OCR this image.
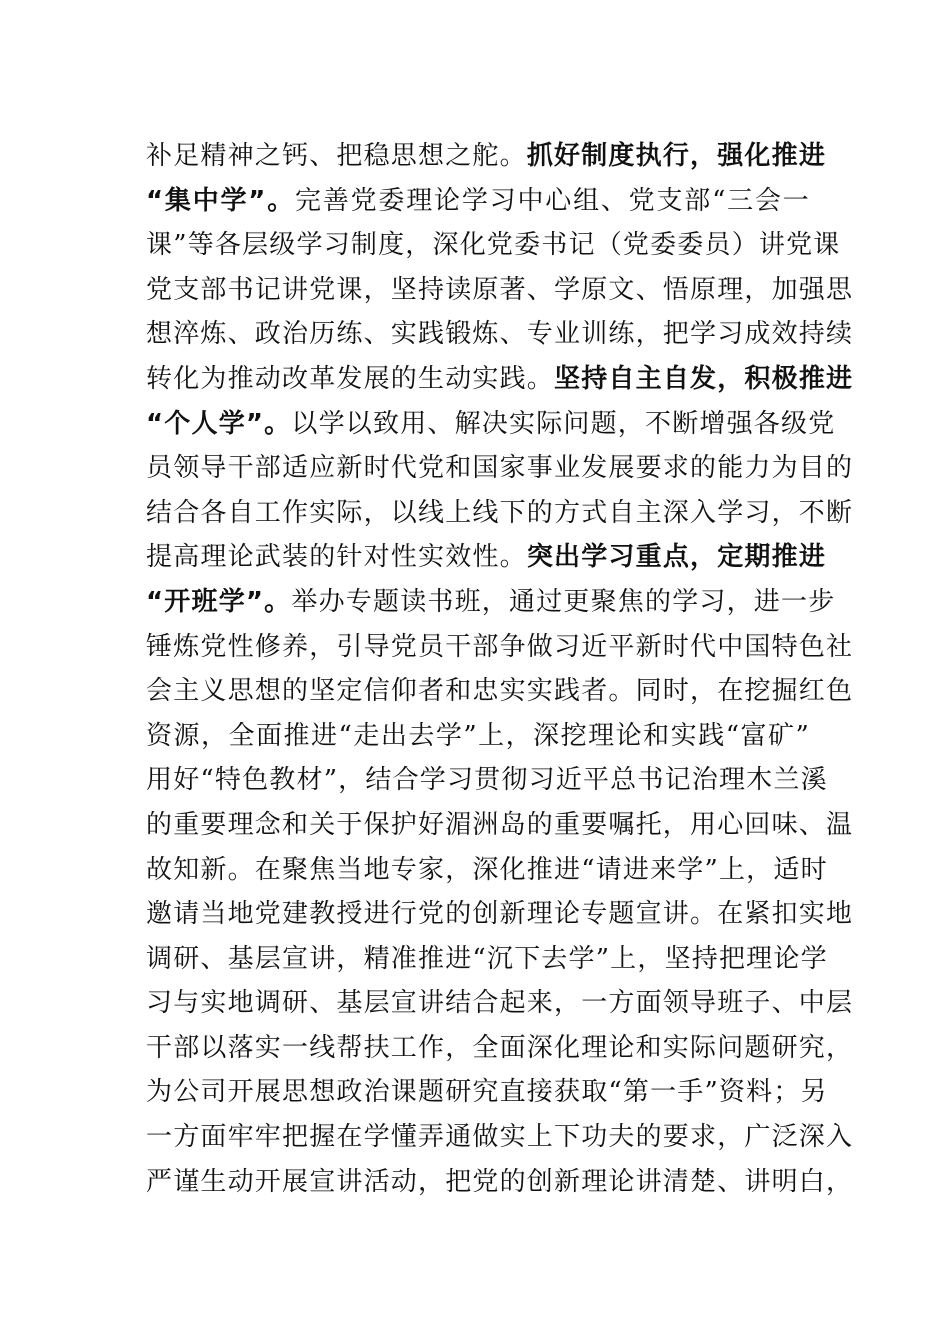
补足精神之钙、把稳思想之舵。抓好制度执行，强化推进
“集中学”。完善党委理论学习中心组、党支部“三会一
课”等各层级学习制度，深化党委书记（党委委员）讲党课
党支部书记讲党课，坚持读原著、学原文、悟原理，加强思
想淬炼、政治历练、实践锻炼、专业训练，把学习成效持续
转化为推动改革发展的生动实践。坚持自主自发，积极推进
“个人学”。以学以致用、解决实际问题，不断增强各级党
员领导干部适应新时代党和国家事业发展要求的能力为目的
结合各自工作实际，以线上线下的方式自主深入学习，不断
提高理论武装的针对性实效性。突出学习重点，定期推进
“开班学”。举办专题读书班，通过更聚焦的学习，进一步
锤炼党性修养，引导党员干部争做习近平新时代中国特色社
会主义思想的坚定信仰者和忠实实践者。同时，在挖掘红色
资源，全面推进“走出去学”上，深挖理论和实践“富矿”
用好“特色教材”，结合学习贯彻习近平总书记治理木兰溪
的重要理念和关于保护好湄洲岛的重要嘱托，用心回味、温
故知新。在聚焦当地专家，深化推进“请进来学”上，适时
邀请当地党建教授进行党的创新理论专题宣讲。在紧扣实地
调研、基层宣讲，精准推进“沉下去学”上，坚持把理论学
习与实地调研、基层宣讲结合起来，一方面领导班子、中层
干部以落实一线帮扶工作，全面深化理论和实际问题研究，
为公司开展思想政治课题研究直接获取“第一手”资料；另
一方面牢牢把握在学懂弄通做实上下功夫的要求，广泛深入
严谨生动开展宣讲活动，把党的创新理论讲清楚、讲明白，
